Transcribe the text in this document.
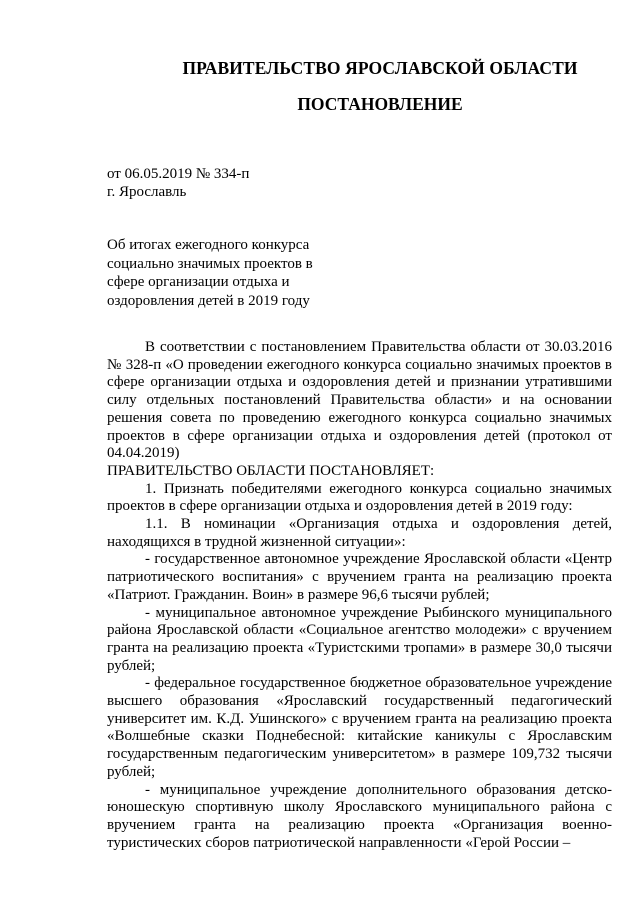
ПРАВИТЕЛЬСТВО ЯРОСЛАВСКОЙ ОБЛАСТИ
ПОСТАНОВЛЕНИЕ
от 06.05.2019 № 334-п
г. Ярославль
Об итогах ежегодного конкурса социально значимых проектов в сфере организации отдыха и оздоровления детей в 2019 году

В соответствии с постановлением Правительства области от 30.03.2016 № 328-п «О проведении ежегодного конкурса социально значимых проектов в сфере организации отдыха и оздоровления детей и признании утратившими силу отдельных постановлений Правительства области» и на основании решения совета по проведению ежегодного конкурса социально значимых проектов в сфере организации отдыха и оздоровления детей (протокол от 04.04.2019)

ПРАВИТЕЛЬСТВО ОБЛАСТИ ПОСТАНОВЛЯЕТ:

1. Признать победителями ежегодного конкурса социально значимых проектов в сфере организации отдыха и оздоровления детей в 2019 году:

1.1. В номинации «Организация отдыха и оздоровления детей, находящихся в трудной жизненной ситуации»:

- государственное автономное учреждение Ярославской области «Центр патриотического воспитания» с вручением гранта на реализацию проекта «Патриот. Гражданин. Воин» в размере 96,6 тысячи рублей;

- муниципальное автономное учреждение Рыбинского муниципального района Ярославской области «Социальное агентство молодежи» с вручением гранта на реализацию проекта «Туристскими тропами» в размере 30,0 тысячи рублей;

- федеральное государственное бюджетное образовательное учреждение высшего образования «Ярославский государственный педагогический университет им. К.Д. Ушинского» с вручением гранта на реализацию проекта «Волшебные сказки Поднебесной: китайские каникулы с Ярославским государственным педагогическим университетом» в размере 109,732 тысячи рублей;

- муниципальное учреждение дополнительного образования детско-юношескую спортивную школу Ярославского муниципального района с вручением гранта на реализацию проекта «Организация военно-туристических сборов патриотической направленности «Герой России –
